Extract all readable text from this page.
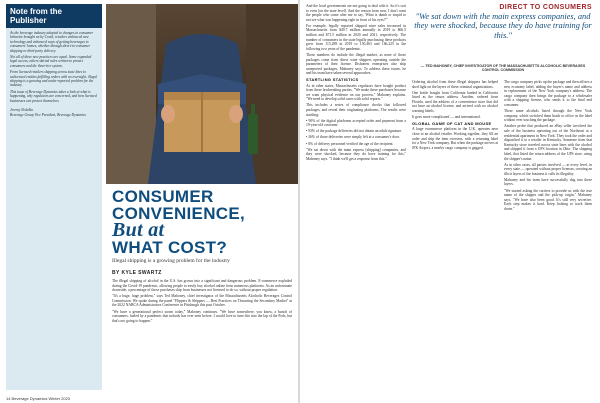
Note from the Publisher

As the beverage industry adapted to changes in consumer behavior brought on by Covid, retailers embraced new technology and enhanced ways of getting beverages to consumers' homes, whether through direct-to-consumer shipping or third-party delivery.

Not all of these new practices are equal. Some expanded legal access; others skirted rules written to protect consumers and the three-tier system.

From licensed retailers shipping across state lines to unlicensed entities fulfilling orders with no oversight, illegal shipping is a growing and under-reported problem for the industry.

This issue of Beverage Dynamics takes a look at what is happening, why regulators are concerned, and how licensed businesses can protect themselves.

Jeremy Nedelka
Beverage Group Vice President, Beverage Dynamics
CONSUMER
CONVENIENCE,
But at
WHAT COST?
Illegal shipping is a growing problem for the industry
BY KYLE SWARTZ

The illegal shipping of alcohol in the U.S. has grown into a significant and dangerous problem. E-commerce exploded during the Covid-19 pandemic, allowing people to easily buy alcohol online from numerous platforms. As an unfortunate downside, a percentage of those purchases ship from businesses not licensed to do so, without proper regulation.

"It's a huge, huge problem," says Ted Mahoney, chief investigator of the Massachusetts Alcoholic Beverages Control Commission. We spoke during the panel "Flippers & Shippers — Best Practices on Thwarting the Secondary Market" at the 2022 NABCA Administrators Conference in Pittsburgh this past October.

"We have a generational perfect storm today," Mahoney continues. "We have somewhere, you know, a bunch of consumers, fueled by a pandemic that nobody has ever seen before. I would love to tune this into the lap of the Feds, but that's not going to happen."

DIRECT TO CONSUMERS

And the local governments are not going to deal with it. So it's sort to even [on the state level]. And the reason from now, I don't want the people who come after me to say, 'What is dumb or stupid to not see what was happening right in front of his eyes?'"

For example, legally reported shipped wine sales increased in Massachusetts from $49.7 million annually in 2019 to $66.5 million and $71.5 million in 2020 and 2021, respectively. The number of consumers in the state legally purchasing these products grew from 115,289 in 2019 to 150,463 and 166,225 in the following two years of the pandemic.

Those numbers do include the illegal market, as none of those packages come from direct wine shippers operating outside the parameters of their license. Dishonest enterprises also ship unreported packages, Mahoney says. To address these issues, he and his team have taken several approaches.

STARTLING STATISTICS

As in other states, Massachusetts regulators have bought product from these lawbreaking parties. "We make these purchases because we want physical evidence on our process," Mahoney explains. "We need to develop solid cases with solid reports."

This includes a series of compliance checks that followed packages, and reveal their originating platforms. The results were startling:

• 90% of the digital platforms accepted order and payment from a 19-year-old customer.

• 93% of the package deliveries did not obtain an adult signature.

• 26% of those deliveries were simply left at a consumer's door.

• 8% of delivery personnel verified the age of the recipient.

"We sat down with the main express [shipping] companies, and they were shocked, because they do have training for this," Mahoney says. "I think we'll get a response from this."

"We sat down with the main express companies, and they were shocked, because they do have training for this."
— TED MAHONEY, CHIEF INVESTIGATOR OF THE MASSACHUSETTS ALCOHOLIC BEVERAGES CONTROL COMMISSION

Ordering alcohol from these illegal shippers has helped shed light on the layers of these criminal organizations.

One bottle bought from California landed in California listed as the return address. Another, ordered from Florida, used the address of a convenience store that did not have an alcohol license, and arrived with no alcohol warning labels.

It goes more complicated — and international.

GLOBAL GAME OF CAT AND MOUSE

A large ecommerce platform in the U.K. operates near close to an alcohol retailer. Working together, they fill an order and ship the item overseas, with a returning label for a New York company. But when the package arrives at JFK Airport, a nearby cargo company is gagged.

The cargo company picks up the package and then affixes a new economy label, adding the buyer's name and address in replacement of the New York company's address. The cargo company then brings the package to a wholesaler with a shipping license, who sends it to the final end consumer.

These same alcohols listed through the New York company, which switched them batch to office as the label without ever touching the package.

Another probe that produced an eBay seller involved the sale of the business operating out of the Northeast at a residential apartment in New York. They took the order and dispatched it to a retailer in Kentucky. Someone from that Kentucky store traveled across state lines with the alcohol and shipped it from a UPS location in Ohio. The shipping label, that listed the return address of the UPS store, using the shipper's name.

As in other cases, all parties involved — at every level, in every state — operated without proper licenses, creating an illicit layers of the business it calls its illegality.

Mahoney and his team have successfully dug into these layers.

"We started asking the carriers to provide us with the true name of the shipper and the pick-up origin," Mahoney says. "We have also been good. It's still very secretive. Each step makes it hard. Keep looking to track them down."

14 Beverage Dynamics Winter 2023
